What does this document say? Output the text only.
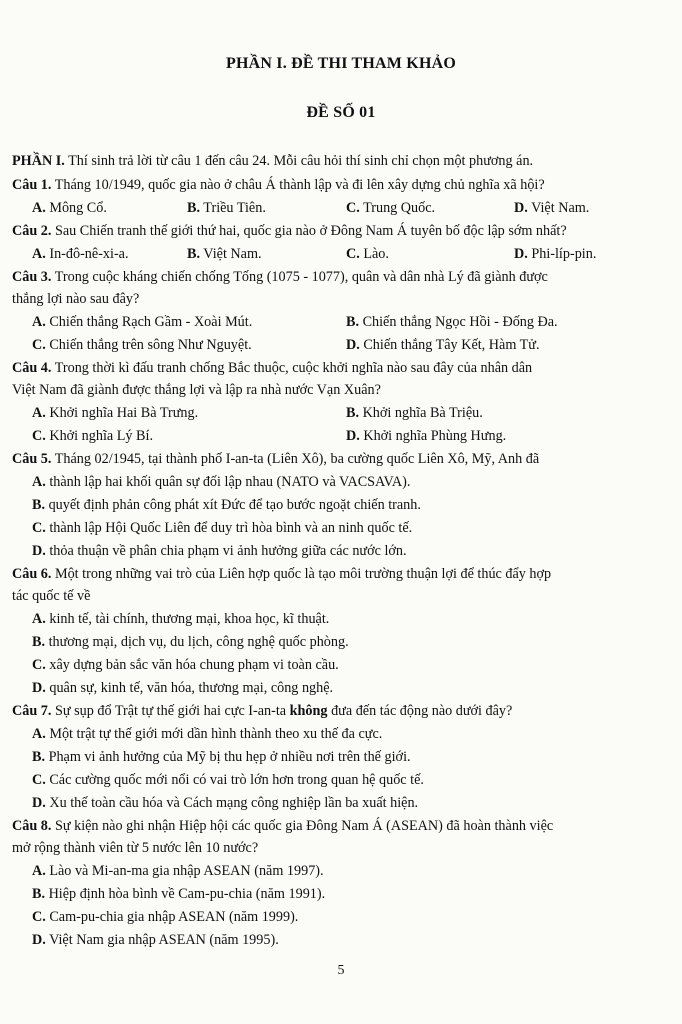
PHẦN I. ĐỀ THI THAM KHẢO
ĐỀ SỐ 01
PHẦN I. Thí sinh trả lời từ câu 1 đến câu 24. Mỗi câu hỏi thí sinh chỉ chọn một phương án.
Câu 1. Tháng 10/1949, quốc gia nào ở châu Á thành lập và đi lên xây dựng chủ nghĩa xã hội?
A. Mông Cổ.	B. Triều Tiên.	C. Trung Quốc.	D. Việt Nam.
Câu 2. Sau Chiến tranh thế giới thứ hai, quốc gia nào ở Đông Nam Á tuyên bố độc lập sớm nhất?
A. In-đô-nê-xi-a.	B. Việt Nam.	C. Lào.	D. Phi-líp-pin.
Câu 3. Trong cuộc kháng chiến chống Tống (1075 - 1077), quân và dân nhà Lý đã giành được
thắng lợi nào sau đây?
A. Chiến thắng Rạch Gầm - Xoài Mút.	B. Chiến thắng Ngọc Hồi - Đống Đa.
C. Chiến thắng trên sông Như Nguyệt.	D. Chiến thắng Tây Kết, Hàm Tử.
Câu 4. Trong thời kì đấu tranh chống Bắc thuộc, cuộc khởi nghĩa nào sau đây của nhân dân
Việt Nam đã giành được thắng lợi và lập ra nhà nước Vạn Xuân?
A. Khởi nghĩa Hai Bà Trưng.	B. Khởi nghĩa Bà Triệu.
C. Khởi nghĩa Lý Bí.	D. Khởi nghĩa Phùng Hưng.
Câu 5. Tháng 02/1945, tại thành phố I-an-ta (Liên Xô), ba cường quốc Liên Xô, Mỹ, Anh đã
A. thành lập hai khối quân sự đối lập nhau (NATO và VACSAVA).
B. quyết định phản công phát xít Đức để tạo bước ngoặt chiến tranh.
C. thành lập Hội Quốc Liên để duy trì hòa bình và an ninh quốc tế.
D. thỏa thuận về phân chia phạm vi ảnh hưởng giữa các nước lớn.
Câu 6. Một trong những vai trò của Liên hợp quốc là tạo môi trường thuận lợi để thúc đẩy hợp
tác quốc tế về
A. kinh tế, tài chính, thương mại, khoa học, kĩ thuật.
B. thương mại, dịch vụ, du lịch, công nghệ quốc phòng.
C. xây dựng bản sắc văn hóa chung phạm vi toàn cầu.
D. quân sự, kinh tế, văn hóa, thương mại, công nghệ.
Câu 7. Sự sụp đổ Trật tự thế giới hai cực I-an-ta không đưa đến tác động nào dưới đây?
A. Một trật tự thế giới mới dần hình thành theo xu thế đa cực.
B. Phạm vi ảnh hưởng của Mỹ bị thu hẹp ở nhiều nơi trên thế giới.
C. Các cường quốc mới nổi có vai trò lớn hơn trong quan hệ quốc tế.
D. Xu thế toàn cầu hóa và Cách mạng công nghiệp lần ba xuất hiện.
Câu 8. Sự kiện nào ghi nhận Hiệp hội các quốc gia Đông Nam Á (ASEAN) đã hoàn thành việc
mở rộng thành viên từ 5 nước lên 10 nước?
A. Lào và Mi-an-ma gia nhập ASEAN (năm 1997).
B. Hiệp định hòa bình về Cam-pu-chia (năm 1991).
C. Cam-pu-chia gia nhập ASEAN (năm 1999).
D. Việt Nam gia nhập ASEAN (năm 1995).
5
